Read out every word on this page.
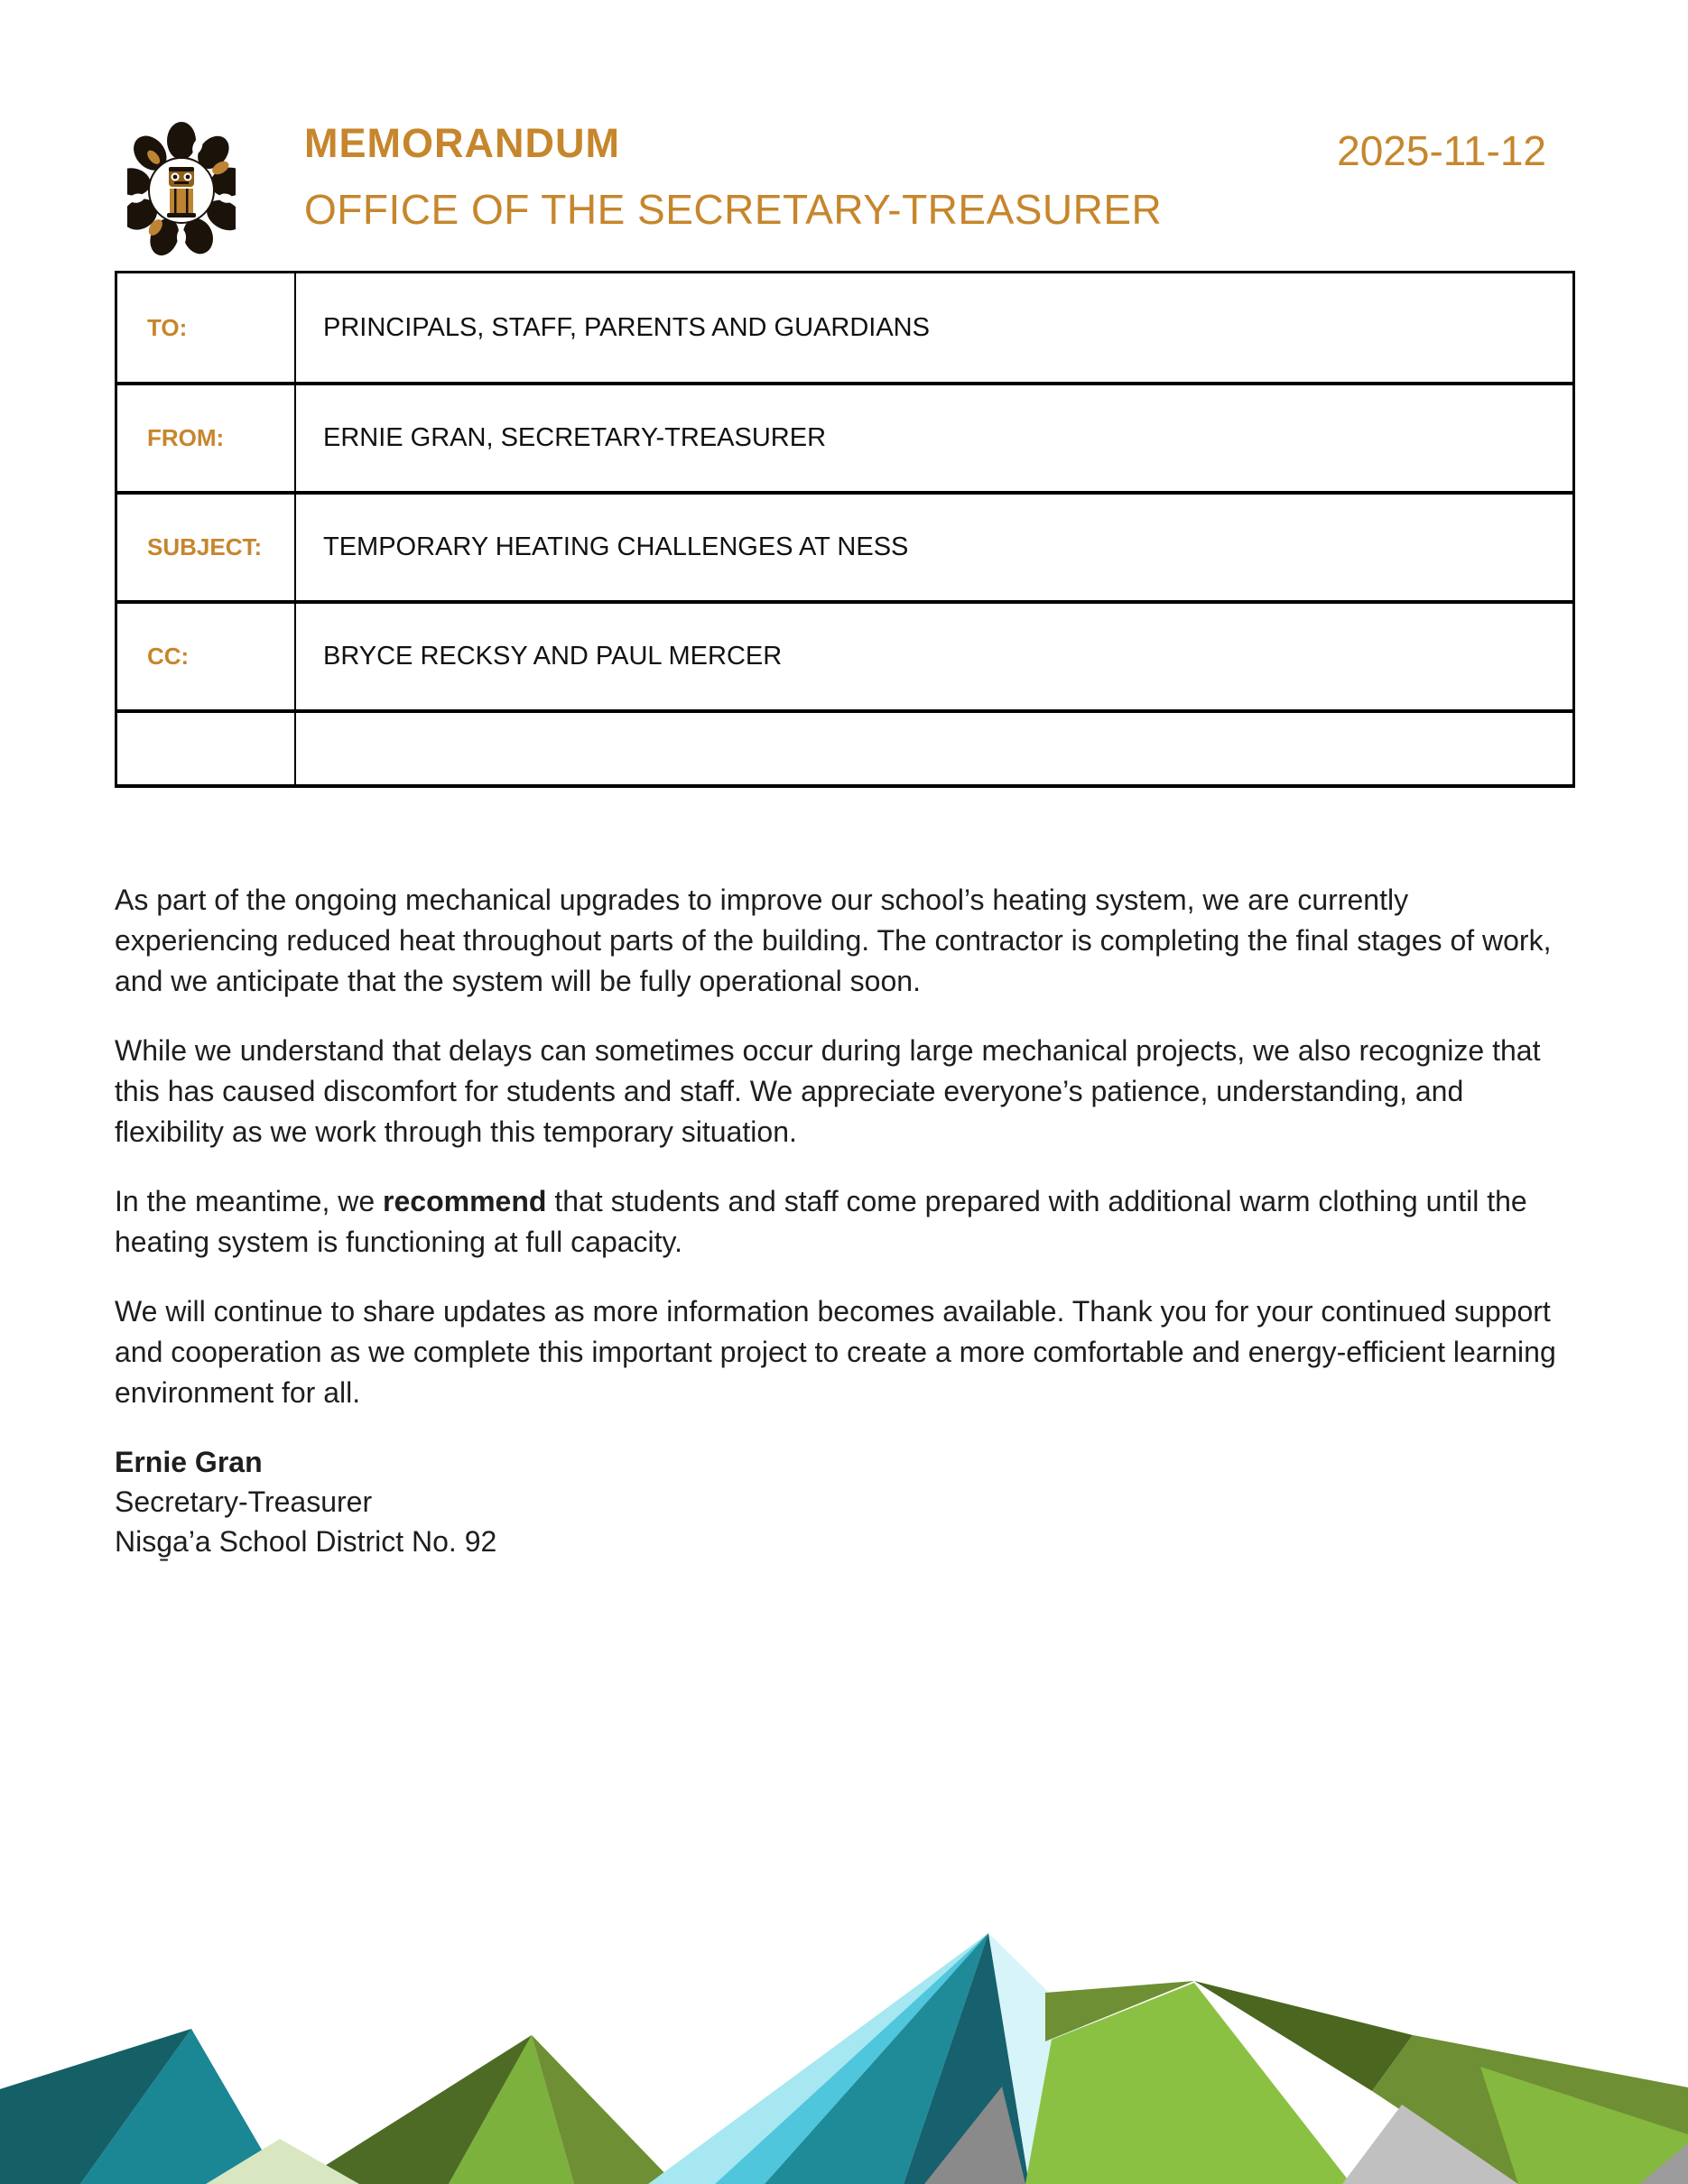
MEMORANDUM
OFFICE OF THE SECRETARY-TREASURER
2025-11-12
TO:	PRINCIPALS, STAFF, PARENTS AND GUARDIANS
FROM:	ERNIE GRAN, SECRETARY-TREASURER
SUBJECT:	TEMPORARY HEATING CHALLENGES AT NESS
CC:	BRYCE RECKSY AND PAUL MERCER

As part of the ongoing mechanical upgrades to improve our school’s heating system, we are currently experiencing reduced heat throughout parts of the building. The contractor is completing the final stages of work, and we anticipate that the system will be fully operational soon.

While we understand that delays can sometimes occur during large mechanical projects, we also recognize that this has caused discomfort for students and staff. We appreciate everyone’s patience, understanding, and flexibility as we work through this temporary situation.

In the meantime, we recommend that students and staff come prepared with additional warm clothing until the heating system is functioning at full capacity.

We will continue to share updates as more information becomes available. Thank you for your continued support and cooperation as we complete this important project to create a more comfortable and energy-efficient learning environment for all.

Ernie Gran
Secretary-Treasurer
Nisg̱a’a School District No. 92
